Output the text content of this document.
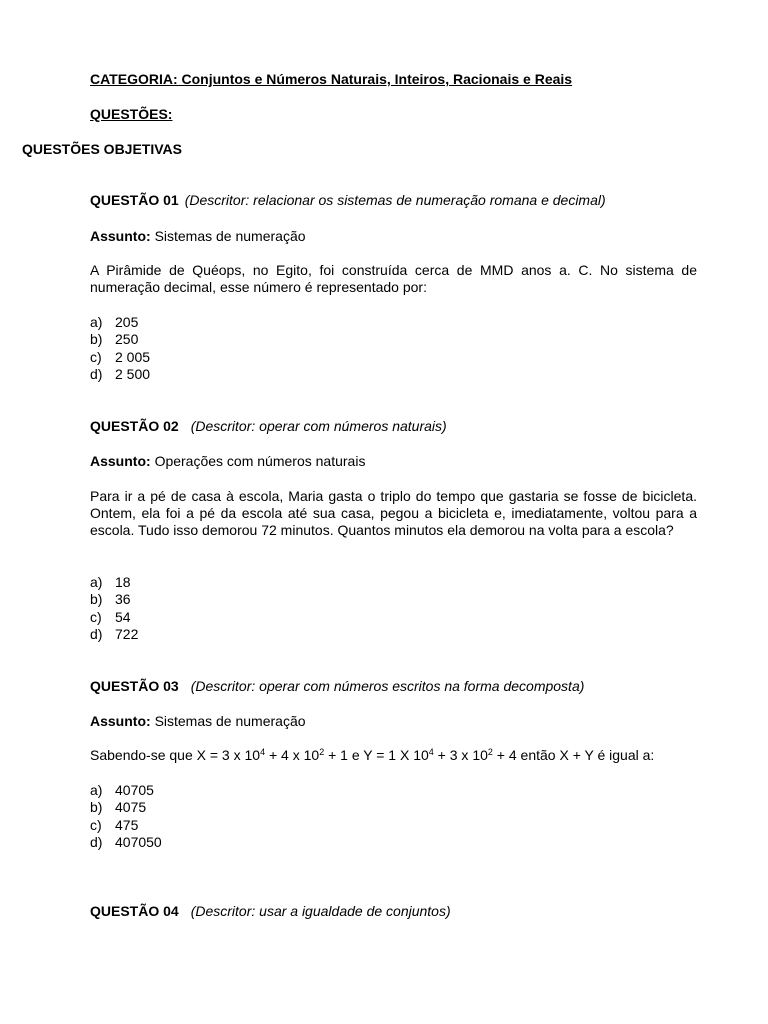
CATEGORIA: Conjuntos e Números Naturais, Inteiros, Racionais e Reais
QUESTÕES:
QUESTÕES OBJETIVAS
QUESTÃO 01 (Descritor: relacionar os sistemas de numeração romana e decimal)
Assunto: Sistemas de numeração
A Pirâmide de Quéops, no Egito, foi construída cerca de MMD anos a. C. No sistema de numeração decimal, esse número é representado por:
a) 205
b) 250
c) 2 005
d) 2 500
QUESTÃO 02 (Descritor: operar com números naturais)
Assunto: Operações com números naturais
Para ir a pé de casa à escola, Maria gasta o triplo do tempo que gastaria se fosse de bicicleta. Ontem, ela foi a pé da escola até sua casa, pegou a bicicleta e, imediatamente, voltou para a escola. Tudo isso demorou 72 minutos. Quantos minutos ela demorou na volta para a escola?
a) 18
b) 36
c) 54
d) 722
QUESTÃO 03 (Descritor: operar com números escritos na forma decomposta)
Assunto: Sistemas de numeração
Sabendo-se que X = 3 x $10^4 + 4$ x $10^2 + 1$ e Y = 1 X $10^4 + 3$ x $10^2 + 4$ então X + Y é igual a:
a) 40705
b) 4075
c) 475
d) 407050
QUESTÃO 04 (Descritor: usar a igualdade de conjuntos)
